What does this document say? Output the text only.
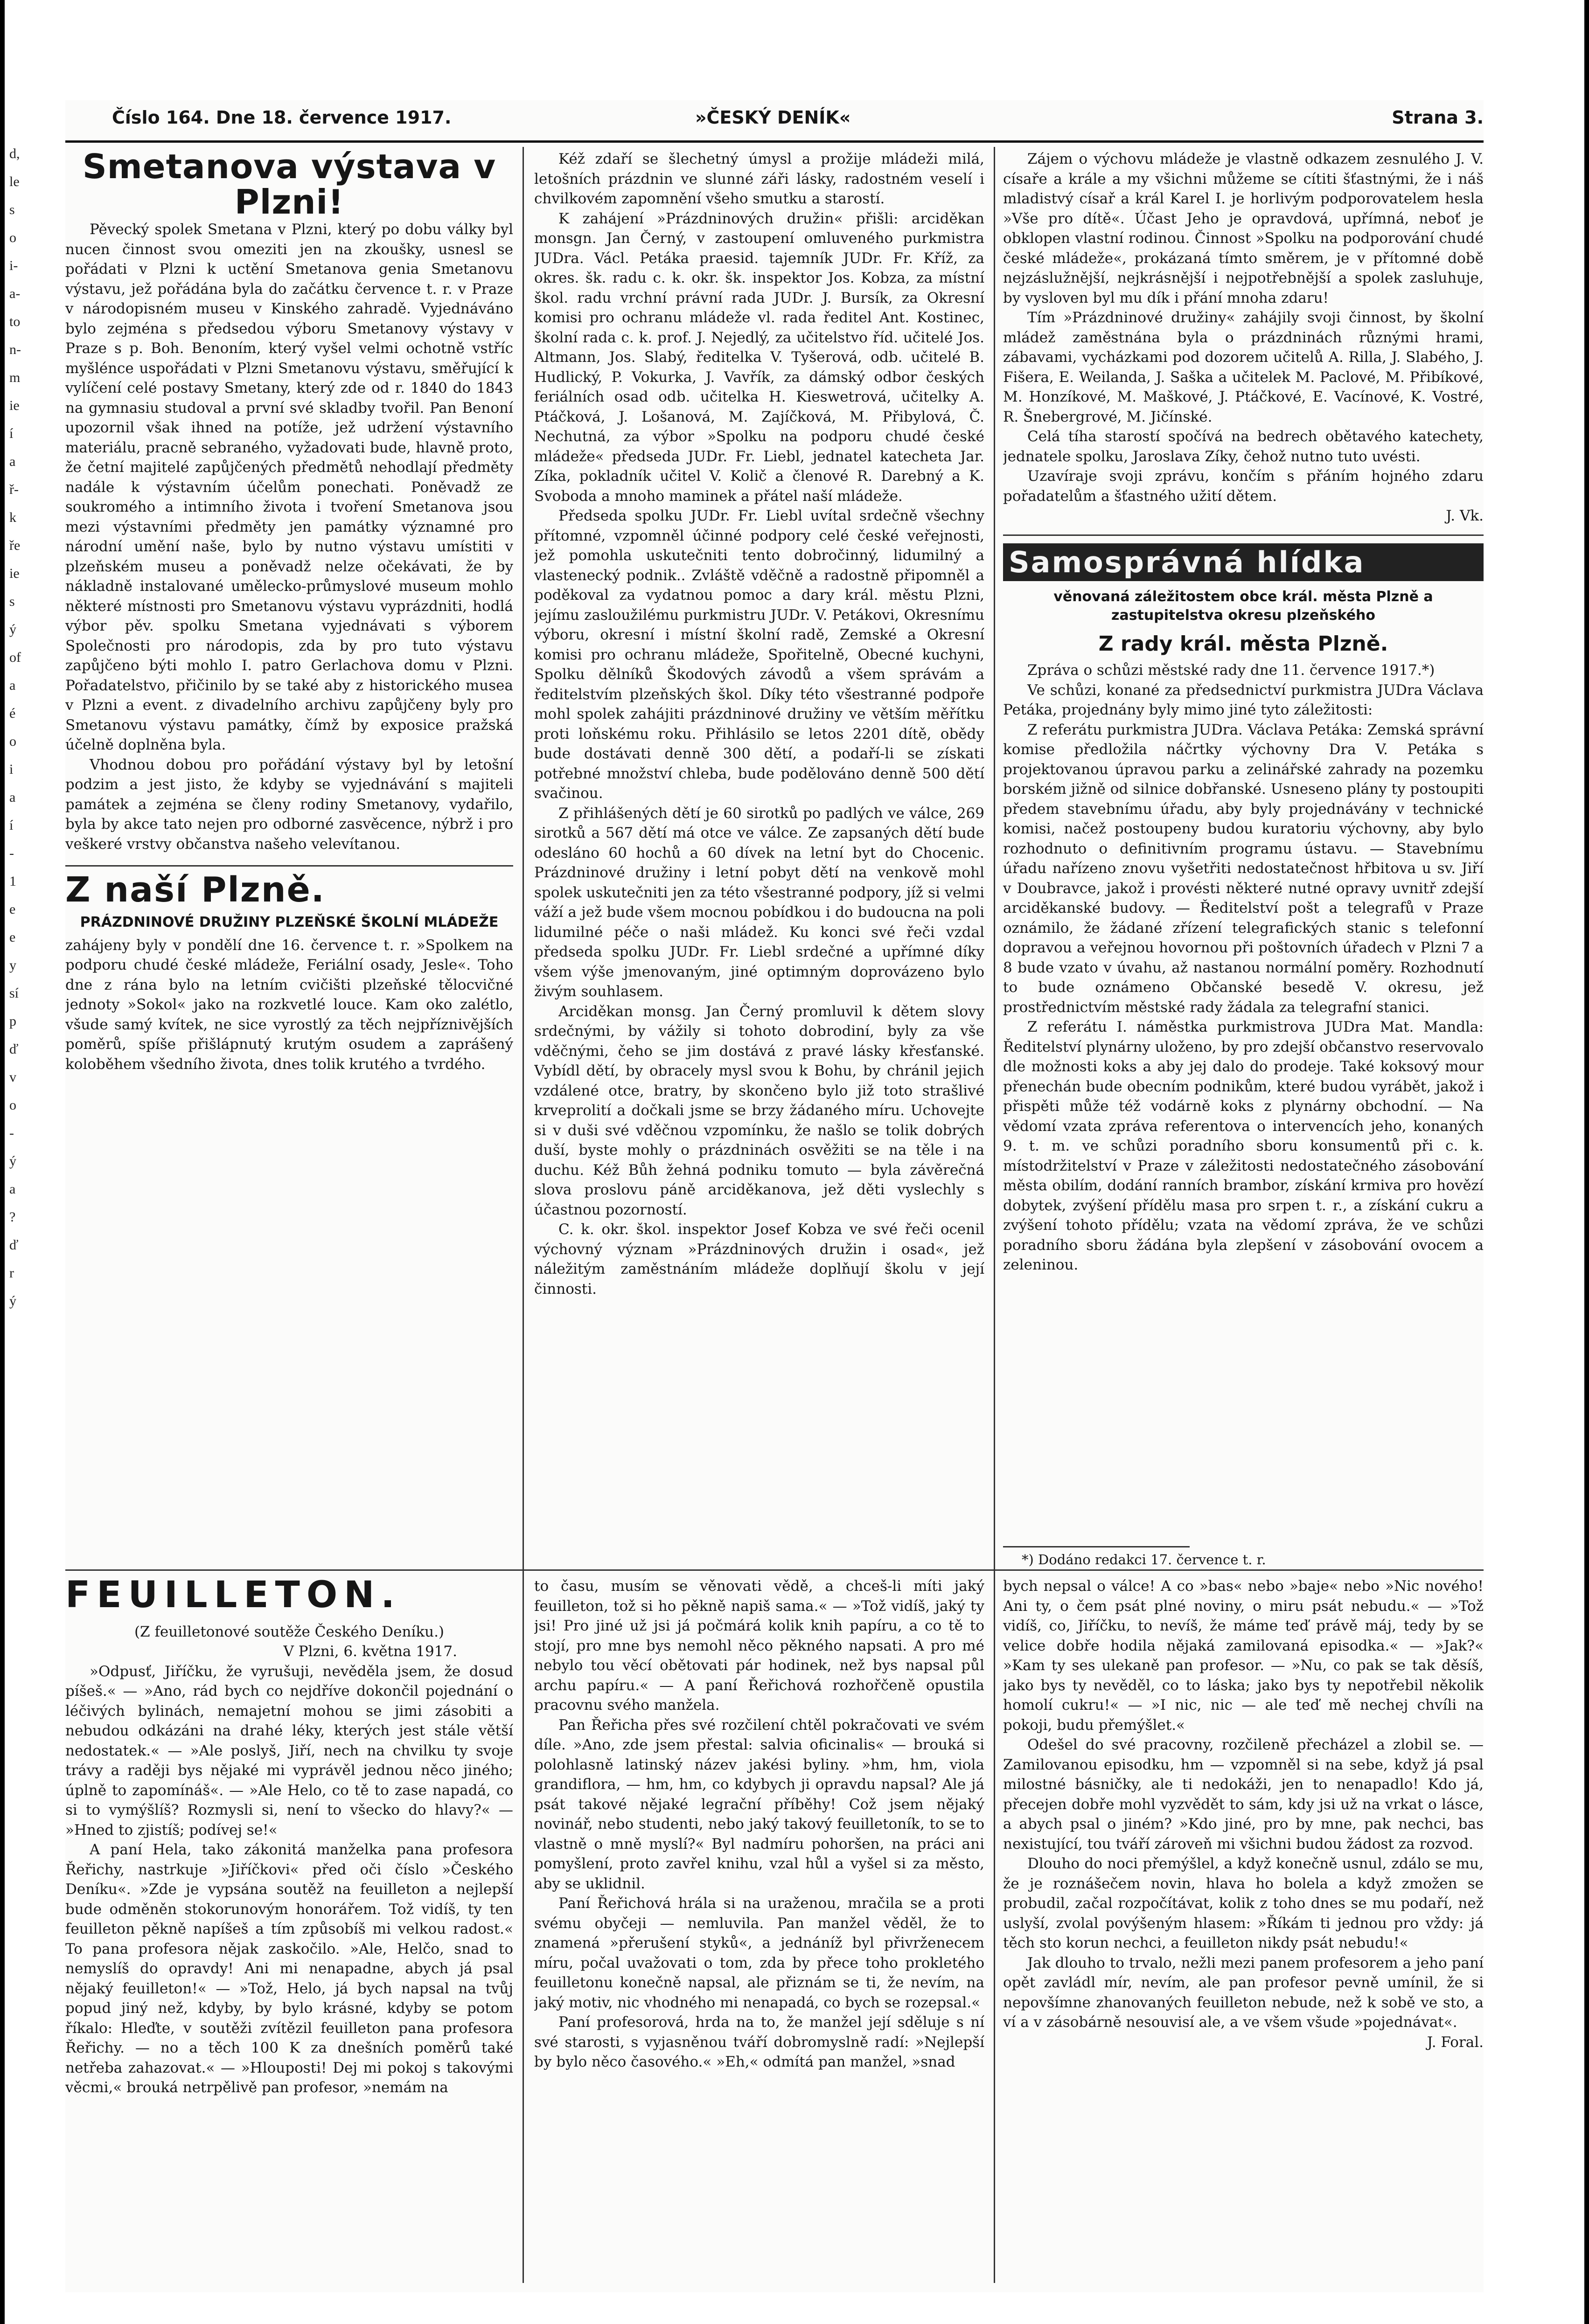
d,
le
s
o
i-
a-
to
n-
m
ie
í
a
ř-
k
ře
ie
s
ý
of
a
é
o
i
a
í
-
1
e
e
y
sí
p
ď
v
o
-
ý
a
?
ď
r
ý
Číslo 164. Dne 18. července 1917.	»ČESKÝ DENÍK«	Strana 3.
Smetanova výstava v Plzni!

Pěvecký spolek Smetana v Plzni, který po dobu války byl nucen činnost svou omeziti jen na zkoušky, usnesl se pořádati v Plzni k uctění Smetanova genia Smetanovu výstavu, jež pořádána byla do začátku července t. r. v Praze v národopisném museu v Kinského zahradě. Vyjednáváno bylo zejména s předsedou výboru Smetanovy výstavy v Praze s p. Boh. Benoním, který vyšel velmi ochotně vstříc myšlénce uspořádati v Plzni Smetanovu výstavu, směřující k vylíčení celé postavy Smetany, který zde od r. 1840 do 1843 na gymnasiu studoval a první své skladby tvořil. Pan Benoní upozornil však ihned na potíže, jež udržení výstavního materiálu, pracně sebraného, vyžadovati bude, hlavně proto, že četní majitelé zapůjčených předmětů nehodlají předměty nadále k výstavním účelům ponechati. Poněvadž ze soukromého a intimního života i tvoření Smetanova jsou mezi výstavními předměty jen památky významné pro národní umění naše, bylo by nutno výstavu umístiti v plzeňském museu a poněvadž nelze očekávati, že by nákladně instalované umělecko-průmyslové museum mohlo některé místnosti pro Smetanovu výstavu vyprázdniti, hodlá výbor pěv. spolku Smetana vyjednávati s výborem Společnosti pro národopis, zda by pro tuto výstavu zapůjčeno býti mohlo I. patro Gerlachova domu v Plzni. Pořadatelstvo, přičinilo by se také aby z historického musea v Plzni a event. z divadelního archivu zapůjčeny byly pro Smetanovu výstavu památky, čímž by exposice pražská účelně doplněna byla.

Vhodnou dobou pro pořádání výstavy byl by letošní podzim a jest jisto, že kdyby se vyjednávání s majiteli památek a zejména se členy rodiny Smetanovy, vydařilo, byla by akce tato nejen pro odborné zasvěcence, nýbrž i pro veškeré vrstvy občanstva našeho velevítanou.

Z naší Plzně.
PRÁZDNINOVÉ DRUŽINY PLZEŇSKÉ ŠKOLNÍ MLÁDEŽE

zahájeny byly v pondělí dne 16. července t. r. »Spolkem na podporu chudé české mládeže, Feriální osady, Jesle«. Toho dne z rána bylo na letním cvičišti plzeňské tělocvičné jednoty »Sokol« jako na rozkvetlé louce. Kam oko zalétlo, všude samý kvítek, ne sice vyrostlý za těch nejpříznivějších poměrů, spíše přišlápnutý krutým osudem a zaprášený koloběhem všedního života, dnes tolik krutého a tvrdého.

Kéž zdaří se šlechetný úmysl a prožije mládeži milá, letošních prázdnin ve slunné záři lásky, radostném veselí i chvilkovém zapomnění všeho smutku a starostí.

K zahájení »Prázdninových družin« přišli: arciděkan monsgn. Jan Černý, v zastoupení omluveného purkmistra JUDra. Václ. Petáka praesid. tajemník JUDr. Fr. Kříž, za okres. šk. radu c. k. okr. šk. inspektor Jos. Kobza, za místní škol. radu vrchní právní rada JUDr. J. Bursík, za Okresní komisi pro ochranu mládeže vl. rada ředitel Ant. Kostinec, školní rada c. k. prof. J. Nejedlý, za učitelstvo říd. učitelé Jos. Altmann, Jos. Slabý, ředitelka V. Tyšerová, odb. učitelé B. Hudlický, P. Vokurka, J. Vavřík, za dámský odbor českých feriálních osad odb. učitelka H. Kieswetrová, učitelky A. Ptáčková, J. Lošanová, M. Zajíčková, M. Přibylová, Č. Nechutná, za výbor »Spolku na podporu chudé české mládeže« předseda JUDr. Fr. Liebl, jednatel katecheta Jar. Zíka, pokladník učitel V. Količ a členové R. Darebný a K. Svoboda a mnoho maminek a přátel naší mládeže.

Předseda spolku JUDr. Fr. Liebl uvítal srdečně všechny přítomné, vzpomněl účinné podpory celé české veřejnosti, jež pomohla uskutečniti tento dobročinný, lidumilný a vlastenecký podnik.. Zvláště vděčně a radostně připomněl a poděkoval za vydatnou pomoc a dary král. městu Plzni, jejímu zasloužilému purkmistru JUDr. V. Petákovi, Okresnímu výboru, okresní i místní školní radě, Zemské a Okresní komisi pro ochranu mládeže, Spořitelně, Obecné kuchyni, Spolku dělníků Škodových závodů a všem správám a ředitelstvím plzeňských škol. Díky této všestranné podpoře mohl spolek zahájiti prázdninové družiny ve větším měřítku proti loňskému roku. Přihlásilo se letos 2201 dítě, obědy bude dostávati denně 300 dětí, a podaří-li se získati potřebné množství chleba, bude podělováno denně 500 dětí svačinou.

Z přihlášených dětí je 60 sirotků po padlých ve válce, 269 sirotků a 567 dětí má otce ve válce. Ze zapsaných dětí bude odesláno 60 hochů a 60 dívek na letní byt do Chocenic. Prázdninové družiny i letní pobyt dětí na venkově mohl spolek uskutečniti jen za této všestranné podpory, jíž si velmi váží a jež bude všem mocnou pobídkou i do budoucna na poli lidumilné péče o naši mládež. Ku konci své řeči vzdal předseda spolku JUDr. Fr. Liebl srdečné a upřímné díky všem výše jmenovaným, jiné optimným doprovázeno bylo živým souhlasem.

Arciděkan monsg. Jan Černý promluvil k dětem slovy srdečnými, by vážily si tohoto dobrodiní, byly za vše vděčnými, čeho se jim dostává z pravé lásky křesťanské. Vybídl dětí, by obracely mysl svou k Bohu, by chránil jejich vzdálené otce, bratry, by skončeno bylo již toto strašlivé krveprolití a dočkali jsme se brzy žádaného míru. Uchovejte si v duši své vděčnou vzpomínku, že našlo se tolik dobrých duší, byste mohly o prázdninách osvěžiti se na těle i na duchu. Kéž Bůh žehná podniku tomuto — byla závěrečná slova proslovu páně arciděkanova, jež děti vyslechly s účastnou pozorností.

C. k. okr. škol. inspektor Josef Kobza ve své řeči ocenil výchovný význam »Prázdninových družin i osad«, jež náležitým zaměstnáním mládeže doplňují školu v její činnosti.

Zájem o výchovu mládeže je vlastně odkazem zesnulého J. V. císaře a krále a my všichni můžeme se cítiti šťastnými, že i náš mladistvý císař a král Karel I. je horlivým podporovatelem hesla »Vše pro dítě«. Účast Jeho je opravdová, upřímná, neboť je obklopen vlastní rodinou. Činnost »Spolku na podporování chudé české mládeže«, prokázaná tímto směrem, je v přítomné době nejzáslužnější, nejkrásnější i nejpotřebnější a spolek zasluhuje, by vysloven byl mu dík i přání mnoha zdaru!

Tím »Prázdninové družiny« zahájily svoji činnost, by školní mládež zaměstnána byla o prázdninách různými hrami, zábavami, vycházkami pod dozorem učitelů A. Rilla, J. Slabého, J. Fišera, E. Weilanda, J. Saška a učitelek M. Paclové, M. Přibíkové, M. Honzíkové, M. Maškové, J. Ptáčkové, E. Vacínové, K. Vostré, R. Šnebergrové, M. Jičínské.

Celá tíha starostí spočívá na bedrech obětavého katechety, jednatele spolku, Jaroslava Zíky, čehož nutno tuto uvésti.

Uzavíraje svoji zprávu, končím s přáním hojného zdaru pořadatelům a šťastného užití dětem.

J. Vk.

Samosprávná hlídka
věnovaná záležitostem obce král. města Plzně a zastupitelstva okresu plzeňského
Z rady král. města Plzně.

Zpráva o schůzi městské rady dne 11. července 1917.*)

Ve schůzi, konané za předsednictví purkmistra JUDra Václava Petáka, projednány byly mimo jiné tyto záležitosti:

Z referátu purkmistra JUDra. Václava Petáka: Zemská správní komise předložila náčrtky výchovny Dra V. Petáka s projektovanou úpravou parku a zelinářské zahrady na pozemku borském jižně od silnice dobřanské. Usneseno plány ty postoupiti předem stavebnímu úřadu, aby byly projednávány v technické komisi, načež postoupeny budou kuratoriu výchovny, aby bylo rozhodnuto o definitivním programu ústavu. — Stavebnímu úřadu nařízeno znovu vyšetřiti nedostatečnost hřbitova u sv. Jiří v Doubravce, jakož i provésti některé nutné opravy uvnitř zdejší arciděkanské budovy. — Ředitelství pošt a telegrafů v Praze oznámilo, že žádané zřízení telegrafických stanic s telefonní dopravou a veřejnou hovornou při poštovních úřadech v Plzni 7 a 8 bude vzato v úvahu, až nastanou normální poměry. Rozhodnutí to bude oznámeno Občanské besedě V. okresu, jež prostřednictvím městské rady žádala za telegrafní stanici.

Z referátu I. náměstka purkmistrova JUDra Mat. Mandla: Ředitelství plynárny uloženo, by pro zdejší občanstvo reservovalo dle možnosti koks a aby jej dalo do prodeje. Také koksový mour přenechán bude obecním podnikům, které budou vyrábět, jakož i přispěti může též vodárně koks z plynárny obchodní. — Na vědomí vzata zpráva referentova o intervencích jeho, konaných 9. t. m. ve schůzi poradního sboru konsumentů při c. k. místodržitelství v Praze v záležitosti nedostatečného zásobování města obilím, dodání ranních brambor, získání krmiva pro hovězí dobytek, zvýšení přídělu masa pro srpen t. r., a získání cukru a zvýšení tohoto přídělu; vzata na vědomí zpráva, že ve schůzi poradního sboru žádána byla zlepšení v zásobování ovocem a zeleninou.

*) Dodáno redakci 17. července t. r.

FEUILLETON.

(Z feuilletonové soutěže Českého Deníku.)

V Plzni, 6. května 1917.

»Odpusť, Jiříčku, že vyrušuji, nevěděla jsem, že dosud píšeš.« — »Ano, rád bych co nejdříve dokončil pojednání o léčivých bylinách, nemajetní mohou se jimi zásobiti a nebudou odkázáni na drahé léky, kterých jest stále větší nedostatek.« — »Ale poslyš, Jiří, nech na chvilku ty svoje trávy a raději bys nějaké mi vyprávěl jednou něco jiného; úplně to zapomínáš«. — »Ale Helo, co tě to zase napadá, co si to vymýšlíš? Rozmysli si, není to všecko do hlavy?« — »Hned to zjistíš; podívej se!«

A paní Hela, tako zákonitá manželka pana profesora Řeřichy, nastrkuje »Jiříčkovi« před oči číslo »Českého Deníku«. »Zde je vypsána soutěž na feuilleton a nejlepší bude odměněn stokorunovým honorářem. Tož vidíš, ty ten feuilleton pěkně napíšeš a tím způsobíš mi velkou radost.« To pana profesora nějak zaskočilo. »Ale, Helčo, snad to nemyslíš do opravdy! Ani mi nenapadne, abych já psal nějaký feuilleton!« — »Tož, Helo, já bych napsal na tvůj popud jiný než, kdyby, by bylo krásné, kdyby se potom říkalo: Hleďte, v soutěži zvítězil feuilleton pana profesora Řeřichy. — no a těch 100 K za dnešních poměrů také netřeba zahazovat.« — »Hlouposti! Dej mi pokoj s takovými věcmi,« brouká netrpělivě pan profesor, »nemám na

to času, musím se věnovati vědě, a chceš-li míti jaký feuilleton, tož si ho pěkně napiš sama.« — »Tož vidíš, jaký ty jsi! Pro jiné už jsi já počmárá kolik knih papíru, a co tě to stojí, pro mne bys nemohl něco pěkného napsati. A pro mé nebylo tou věcí obětovati pár hodinek, než bys napsal půl archu papíru.« — A paní Řeřichová rozhořčeně opustila pracovnu svého manžela.

Pan Řeřicha přes své rozčilení chtěl pokračovati ve svém díle. »Ano, zde jsem přestal: salvia oficinalis« — brouká si polohlasně latinský název jakési byliny. »hm, hm, viola grandiflora, — hm, hm, co kdybych ji opravdu napsal? Ale já psát takové nějaké legrační příběhy! Což jsem nějaký novinář, nebo studenti, nebo jaký takový feuilletoník, to se to vlastně o mně myslí?« Byl nadmíru pohoršen, na práci ani pomyšlení, proto zavřel knihu, vzal hůl a vyšel si za město, aby se uklidnil.

Paní Řeřichová hrála si na uraženou, mračila se a proti svému obyčeji — nemluvila. Pan manžel věděl, že to znamená »přerušení styků«, a jednáníž byl přivrženecem míru, počal uvažovati o tom, zda by přece toho prokletého feuilletonu konečně napsal, ale přiznám se ti, že nevím, na jaký motiv, nic vhodného mi nenapadá, co bych se rozepsal.«

Paní profesorová, hrda na to, že manžel její sděluje s ní své starosti, s vyjasněnou tváří dobromyslně radí: »Nejlepší by bylo něco časového.« »Eh,« odmítá pan manžel, »snad

bych nepsal o válce! A co »bas« nebo »baje« nebo »Nic nového! Ani ty, o čem psát plné noviny, o miru psát nebudu.« — »Tož vidíš, co, Jiříčku, to nevíš, že máme teď právě máj, tedy by se velice dobře hodila nějaká zamilovaná episodka.« — »Jak?« »Kam ty ses ulekaně pan profesor. — »Nu, co pak se tak děsíš, jako bys ty nevěděl, co to láska; jako bys ty nepotřebil několik homolí cukru!« — »I nic, nic — ale teď mě nechej chvíli na pokoji, budu přemýšlet.«

Odešel do své pracovny, rozčileně přecházel a zlobil se. — Zamilovanou episodku, hm — vzpomněl si na sebe, když já psal milostné básničky, ale ti nedokáži, jen to nenapadlo! Kdo já, přecejen dobře mohl vyzvědět to sám, kdy jsi už na vrkat o lásce, a abych psal o jiném? »Kdo jiné, pro by mne, pak nechci, bas nexistující, tou tváří zároveň mi všichni budou žádost za rozvod.

Dlouho do noci přemýšlel, a když konečně usnul, zdálo se mu, že je roznášečem novin, hlava ho bolela a když zmožen se probudil, začal rozpočítávat, kolik z toho dnes se mu podaří, než uslyší, zvolal povýšeným hlasem: »Říkám ti jednou pro vždy: já těch sto korun nechci, a feuilleton nikdy psát nebudu!«

Jak dlouho to trvalo, nežli mezi panem profesorem a jeho paní opět zavládl mír, nevím, ale pan profesor pevně umínil, že si nepovšímne zhanovaných feuilleton nebude, než k sobě ve sto, a ví a v zásobárně nesouvisí ale, a ve všem všude »pojednávat«.

J. Foral.
